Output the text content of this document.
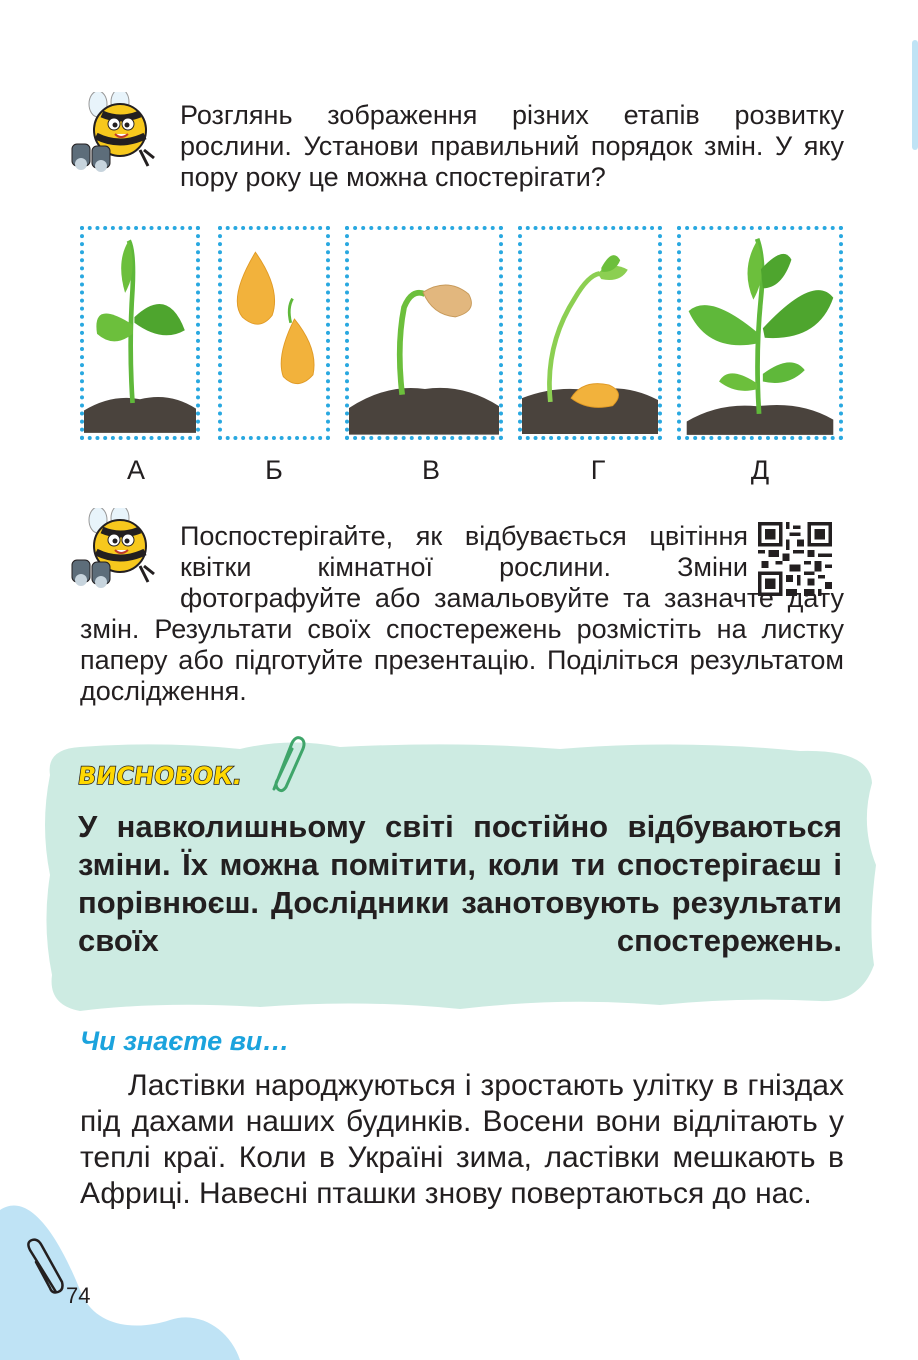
Розглянь зображення різних етапів розвитку рослини. Установи правильний порядок змін. У яку пору року це можна спостерігати?
А	Б	В	Г	Д
Поспостерігайте, як відбувається цвітіння квітки кімнатної рослини. Зміни фотографуйте або замальовуйте та зазначте дату змін. Результати своїх спостережень розмістіть на листку паперу або підготуйте презентацію. Поділіться результатом дослідження.
ВИСНОВОК.
У навколишньому світі постійно відбуваються зміни. Їх можна помітити, коли ти спостерігаєш і порівнюєш. Дослідники занотовують результати своїх спостережень.
Чи знаєте ви…
Ластівки народжуються і зростають улітку в гніздах під дахами наших будинків. Восени вони відлітають у теплі краї. Коли в Україні зима, ластівки мешкають в Африці. Навесні пташки знову повертаються до нас.
74
